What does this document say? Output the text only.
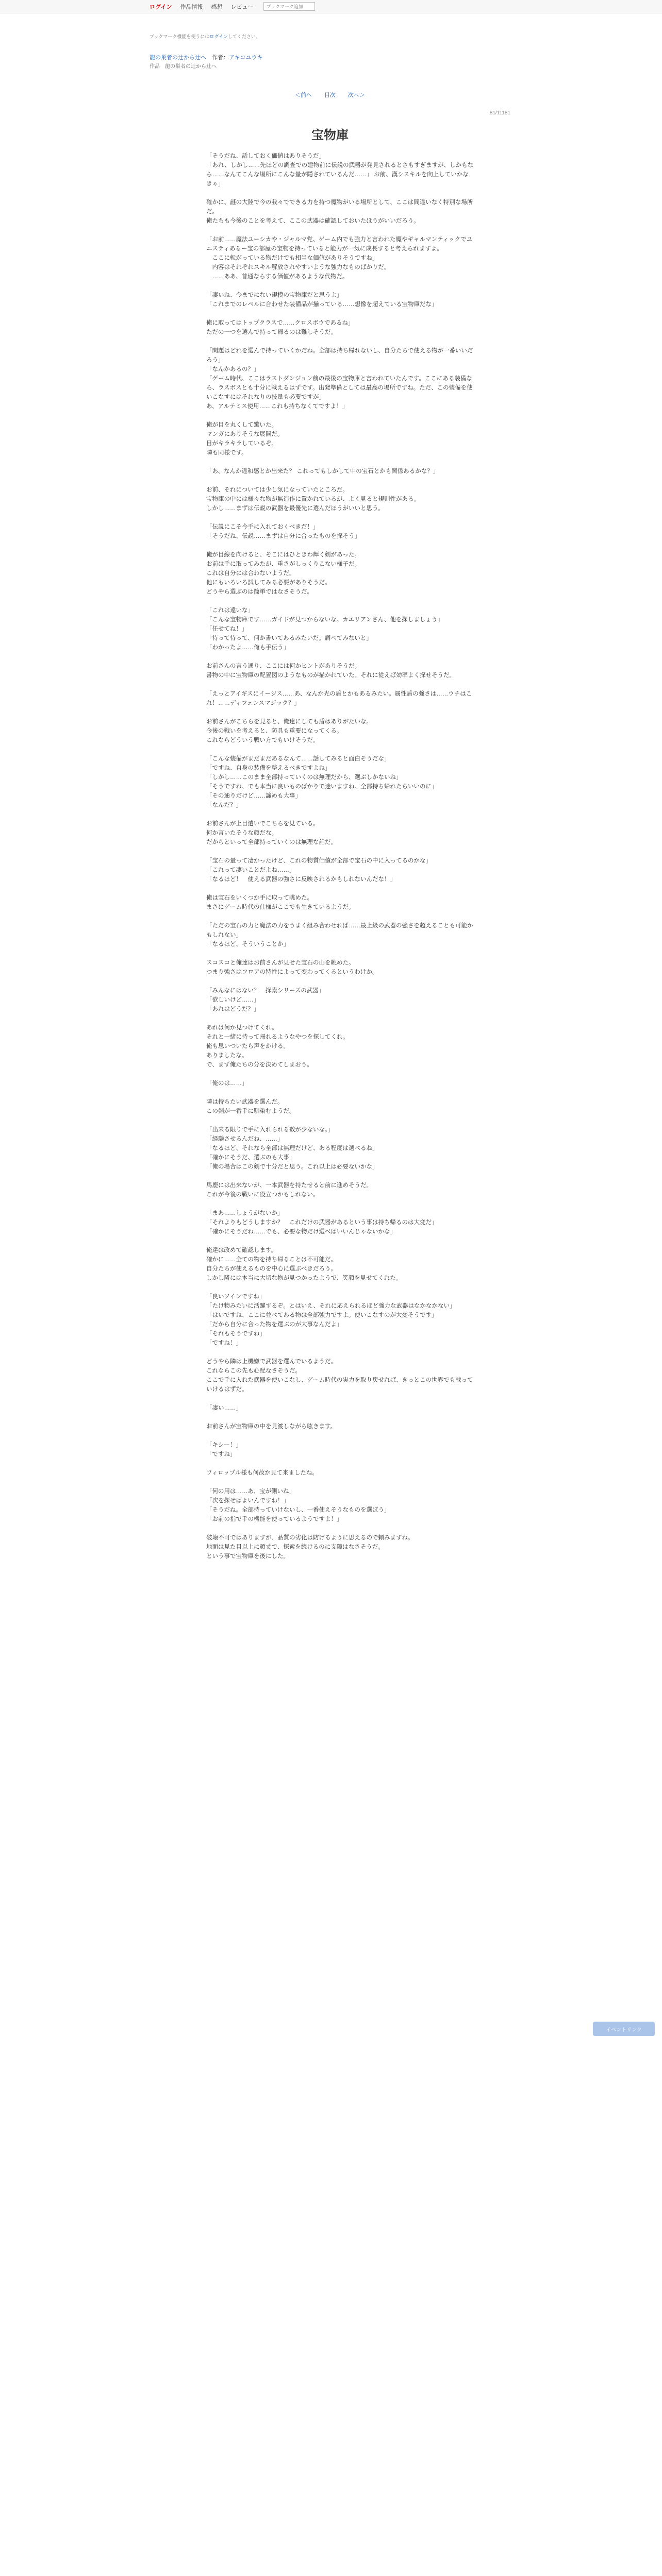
ログイン 作品情報 感想 レビュー	ブックマーク追加
ブックマーク機能を使うにはログインしてください。
龍の巣者の辻から辻へ　 作者：アキコユウキ
作品　龍の巣者の辻から辻へ
＜前へ 目次 次へ＞
81/11181
宝物庫

「そうだね、話しておく価値はありそうだ」
「あれ、しかし……先ほどの調査での建物前に伝説の武器が発見されるとさもすぎますが、しかもなら……なんてこんな場所にこんな量が隠されているんだ……」 お前、漢シスキルを向上していかなきゃ」

確かに、謎の大陸で今の我々でできる力を持つ魔物がいる場所として、ここは間違いなく特別な場所だ。
俺たちも今後のことを考えて、ここの武器は確認しておいたほうがいいだろう。

「お前……魔法ユーシカや・ジャルマ党、ゲーム内でも強力と言われた魔やギャルマンティックでユニスティあるー宝の部屋の宝物を持っていると能力が一気に成長すると考えられますよ。
　ここに転がっている物だけでも相当な価値がありそうですね」
　内容はそれぞれスキル解放されやすいような強力なものばかりだ。
　……ああ、普通ならする価値があるような代物だ。

「凄いね、今までにない規模の宝物庫だと思うよ」
「これまでのレベルに合わせた装備品が揃っている……想像を超えている宝物庫だな」

俺に取ってはトップクラスで……クロスボウであるね」
ただの一つを選んで持って帰るのは難しそうだ。

「問題はどれを選んで持っていくかだね。全部は持ち帰れないし、自分たちで使える物が一番いいだろう」
「なんかあるの？」
「ゲーム時代、ここはラストダンジョン前の最後の宝物庫と言われていたんです。ここにある装備なら、ラスボスとも十分に戦えるはずです。出発準備としては最高の場所ですね。ただ、この装備を使いこなすにはそれなりの技量も必要ですが」
あ、アルテミス使用……これも持ちなくてですよ！」

俺が目を丸くして驚いた。
マンガにありそうな展開だ。
目がキラキラしているぞ。
隣も同様です。

「あ、なんか違和感とか出来た？ これってもしかして中の宝石とかも関係あるかな？」

お前、それについては少し気になっていたところだ。
宝物庫の中には様々な物が無造作に置かれているが、よく見ると規則性がある。
しかし……まずは伝説の武器を最優先に選んだほうがいいと思う。

「伝説にこそ今手に入れておくべきだ！」
「そうだね、伝説……まずは自分に合ったものを探そう」

俺が目線を向けると、そこにはひときわ輝く剣があった。
お前は手に取ってみたが、重さがしっくりこない様子だ。
これは自分には合わないようだ。
他にもいろいろ試してみる必要がありそうだ。
どうやら選ぶのは簡単ではなさそうだ。

「これは違いな」
「こんな宝物庫です……ガイドが見つからないな。カエリアンさん、他を探しましょう」
「任せてね！」
「待って待って、何か書いてあるみたいだ。調べてみないと」
「わかったよ……俺も手伝う」

お前さんの言う通り、ここには何かヒントがありそうだ。
書物の中に宝物庫の配置図のようなものが描かれていた。それに従えば効率よく探せそうだ。

「えっとアイギスにイージス……あ、なんか光の盾とかもあるみたい。属性盾の強さは……ウチはこれ！……ディフェンスマジック？」

お前さんがこちらを見ると、俺達にしても盾はありがたいな。
今後の戦いを考えると、防具も重要になってくる。
これならどういう戦い方でもいけそうだ。

「こんな装備がまだまだあるなんて……話してみると面白そうだな」
「ですね、自身の装備を整えるべきですよね」
「しかし……このまま全部持っていくのは無理だから、選ぶしかないね」
「そうですね、でも本当に良いものばかりで迷いますね。全部持ち帰れたらいいのに」
「その通りだけど……諦めも大事」
「なんだ？」

お前さんが上目遣いでこちらを見ている。
何か言いたそうな顔だな。
だからといって全部持っていくのは無理な話だ。

「宝石の量って凄かったけど、これの物質価値が全部で宝石の中に入ってるのかな」
「これって凄いことだよね……」
「なるほど！　使える武器の強さに反映されるかもしれないんだな！」

俺は宝石をいくつか手に取って眺めた。
まさにゲーム時代の仕様がここでも生きているようだ。

「ただの宝石の力と魔法の力をうまく組み合わせれば……最上級の武器の強さを超えることも可能かもしれない」
「なるほど、そういうことか」

スコスコと俺達はお前さんが見せた宝石の山を眺めた。
つまり強さはフロアの特性によって変わってくるというわけか。

「みんなにはない？　探索シリーズの武器」
「欲しいけど……」
「あれはどうだ？」

あれは何か見つけてくれ。
それと一緒に持って帰れるようなやつを探してくれ。
俺も思いついたら声をかける。
ありましたな。
で、まず俺たちの分を決めてしまおう。

「俺のは……」

隣は持ちたい武器を選んだ。
この剣が一番手に馴染むようだ。

「出来る限りで手に入れられる数が少ないな。」
「経験させるんだね、……」
「なるほど、それなら全部は無理だけど、ある程度は選べるね」
「確かにそうだ、選ぶのも大事」
「俺の場合はこの剣で十分だと思う。これ以上は必要ないかな」

馬鹿には出来ないが、一本武器を持たせると前に進めそうだ。
これが今後の戦いに役立つかもしれない。

「まあ……しょうがないか」
「それよりもどうしますか？　これだけの武器があるという事は持ち帰るのは大変だ」
「確かにそうだね……でも、必要な物だけ選べばいいんじゃないかな」

俺達は改めて確認します。
確かに……全ての物を持ち帰ることは不可能だ。
自分たちが使えるものを中心に選ぶべきだろう。
しかし隣には本当に大切な物が見つかったようで、笑顔を見せてくれた。

「良いソインですね」
「たけ物みたいに活躍するぞ。とはいえ、それに応えられるほど強力な武器はなかなかない」
「はいですね、ここに並べてある物は全部強力ですよ。使いこなすのが大変そうです」
「だから自分に合った物を選ぶのが大事なんだよ」
「それもそうですね」
「ですね！」

どうやら隣は上機嫌で武器を選んでいるようだ。
これならこの先も心配なさそうだ。
ここで手に入れた武器を使いこなし、ゲーム時代の実力を取り戻せれば、きっとこの世界でも戦っていけるはずだ。

「凄い……」

お前さんが宝物庫の中を見渡しながら呟きます。

「キシー！」
「ですね」

フィロップル様も何故か見て来ましたね。

「何の用は……あ、宝が側いね」
「次を探せばよいんですね！」
「そうだね。全部持っていけないし、一番使えそうなものを選ぼう」
「お前の指で手の機能を使っているようですよ！」

破壊不可ではありますが、品質の劣化は防げるように思えるので頼みますね。
地面は見た目以上に頑丈で、探索を続けるのに支障はなさそうだ。
という事で宝物庫を後にした。

イベントリンク
